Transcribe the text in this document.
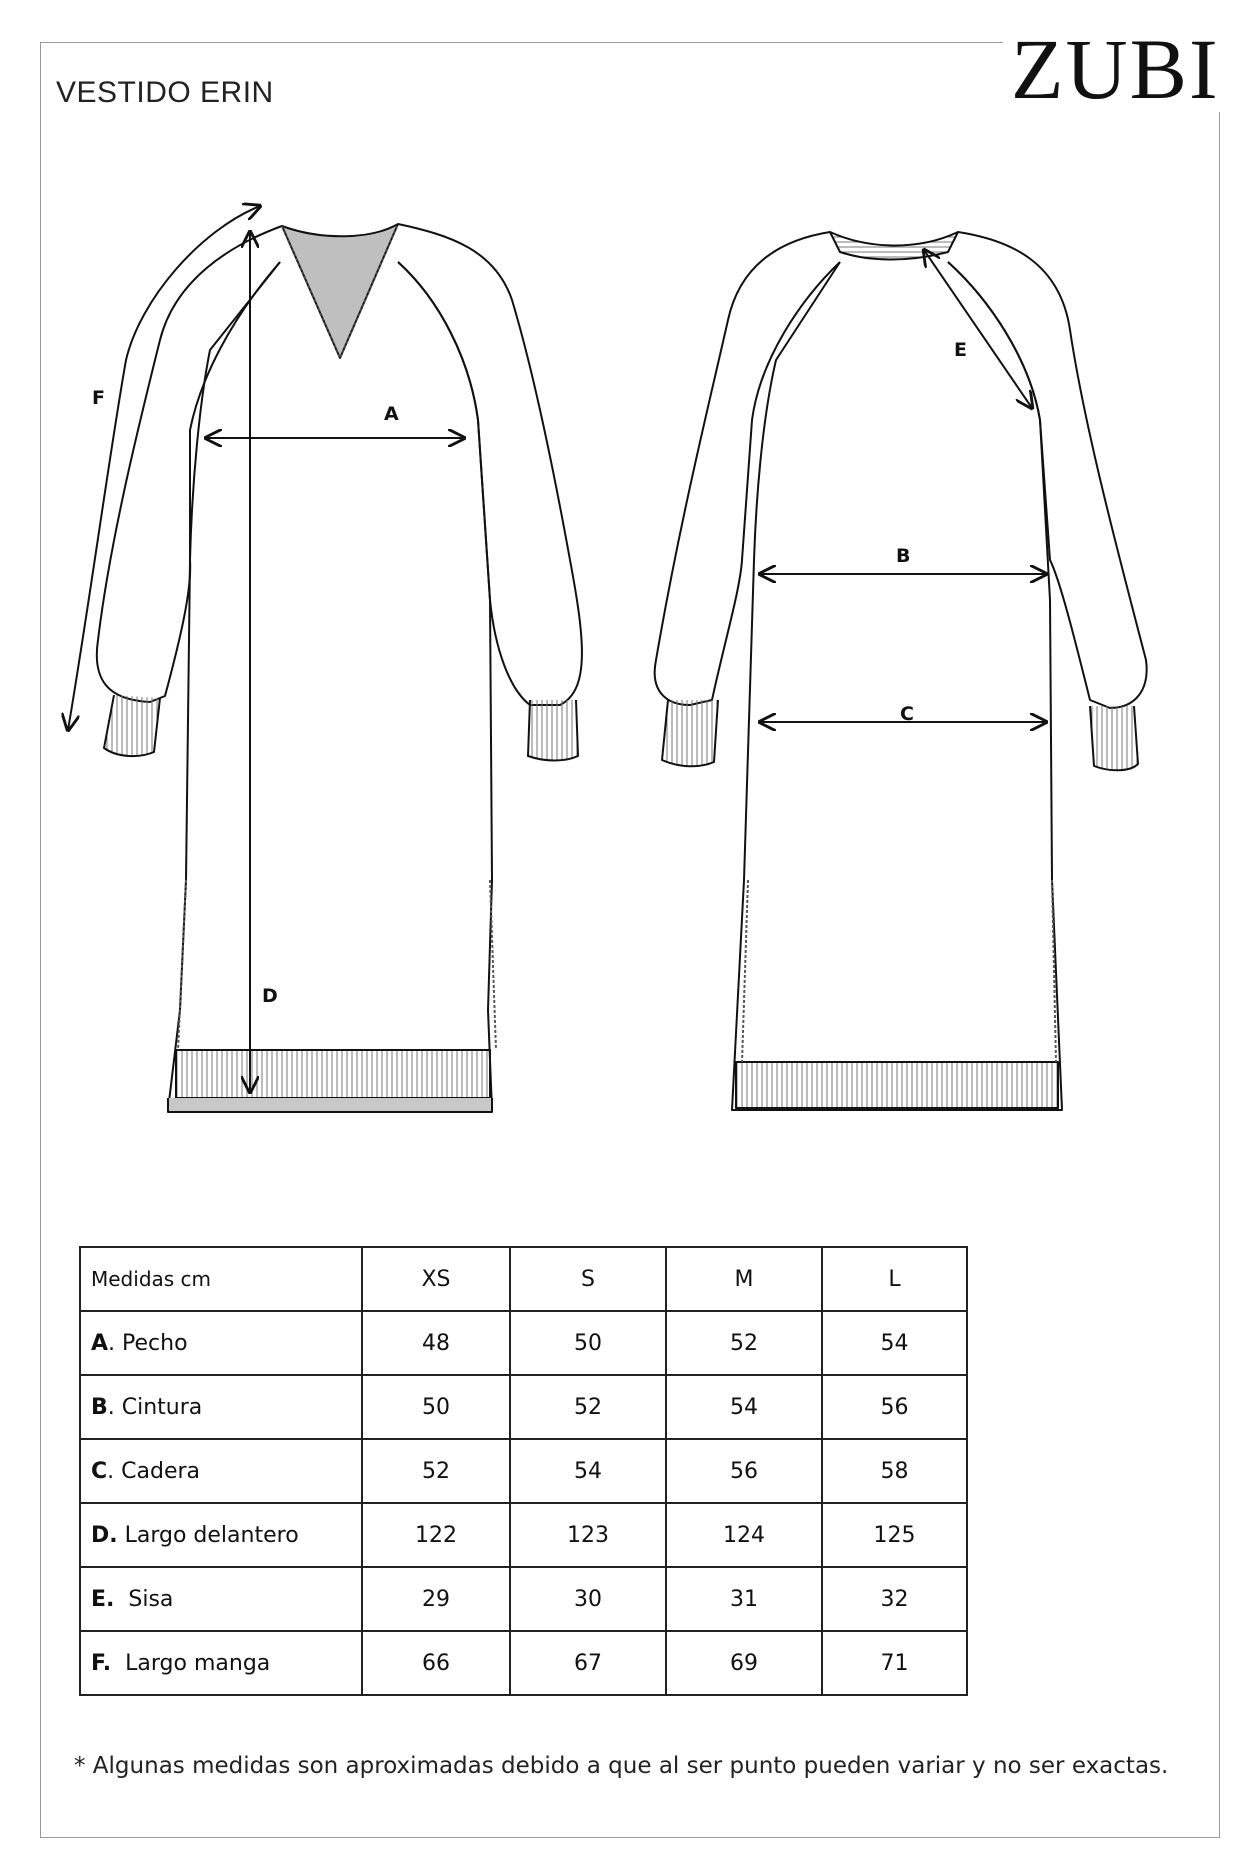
VESTIDO ERIN	ZUBI
A
D
F
B
C
E
Medidas cm	XS	S	M	L
A. Pecho	48	50	52	54
B. Cintura	50	52	54	56
C. Cadera	52	54	56	58
D. Largo delantero	122	123	124	125
E.  Sisa	29	30	31	32
F.  Largo manga	66	67	69	71
* Algunas medidas son aproximadas debido a que al ser punto pueden variar y no ser exactas.
